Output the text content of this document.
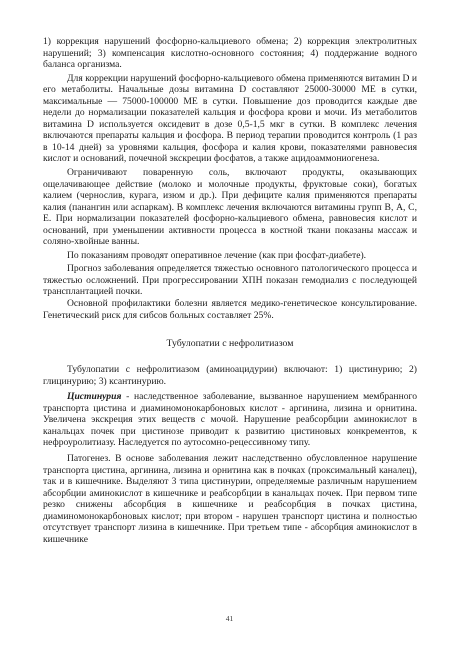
1) коррекция нарушений фосфорно-кальциевого обмена; 2) коррекция электролитных нарушений; 3) компенсация кислотно-основного состояния; 4) поддержание водного баланса организма.

Для коррекции нарушений фосфорно-кальциевого обмена применяются витамин D и его метаболиты. Начальные дозы витамина D составляют 25000-30000 МЕ в сутки, максимальные — 75000-100000 МЕ в сутки. Повышение доз проводится каждые две недели до нормализации показателей кальция и фосфора крови и мочи. Из метаболитов витамина D используется оксидевит в дозе 0,5-1,5 мкг в сутки. В комплекс лечения включаются препараты кальция и фосфора. В период терапии проводится контроль (1 раз в 10-14 дней) за уровнями кальция, фосфора и калия крови, показателями равновесия кислот и оснований, почечной экскреции фосфатов, а также ацидоаммониогенеза.

Ограничивают поваренную соль, включают продукты, оказывающих ощелачивающее действие (молоко и молочные продукты, фруктовые соки), богатых калием (чернослив, курага, изюм и др.). При дефиците калия применяются препараты калия (панангин или аспаркам). В комплекс лечения включаются витамины групп В, А, С, Е. При нормализации показателей фосфорно-кальциевого обмена, равновесия кислот и оснований, при уменьшении активности процесса в костной ткани показаны массаж и соляно-хвойные ванны.

По показаниям проводят оперативное лечение (как при фосфат-диабете).

Прогноз заболевания определяется тяжестью основного патологического процесса и тяжестью осложнений. При прогрессировании ХПН показан гемодиализ с последующей трансплантацией почки.

Основной профилактики болезни является медико-генетическое консультирование. Генетический риск для сибсов больных составляет 25%.

Тубулопатии с нефролитиазом

Тубулопатии с нефролитиазом (аминоацидурии) включают: 1) цистинурию; 2) глицинурию; 3) ксантинурию.

Цистинурия - наследственное заболевание, вызванное нарушением мембранного транспорта цистина и диаминомонокарбоновых кислот - аргинина, лизина и орнитина. Увеличена экскреция этих веществ с мочой. Нарушение реабсорбции аминокислот в канальцах почек при цистинозе приводит к развитию цистиновых конкрементов, к нефроуролитиазу. Наследуется по аутосомно-рецессивному типу.

Патогенез. В основе заболевания лежит наследственно обусловленное нарушение транспорта цистина, аргинина, лизина и орнитина как в почках (проксимальный каналец), так и в кишечнике. Выделяют 3 типа цистинурии, определяемые различным нарушением абсорбции аминокислот в кишечнике и реабсорбции в канальцах почек. При первом типе резко снижены абсорбция в кишечнике и реабсорбция в почках цистина, диаминомонокарбоновых кислот; при втором - нарушен транспорт цистина и полностью отсутствует транспорт лизина в кишечнике. При третьем типе - абсорбция аминокислот в кишечнике

41
